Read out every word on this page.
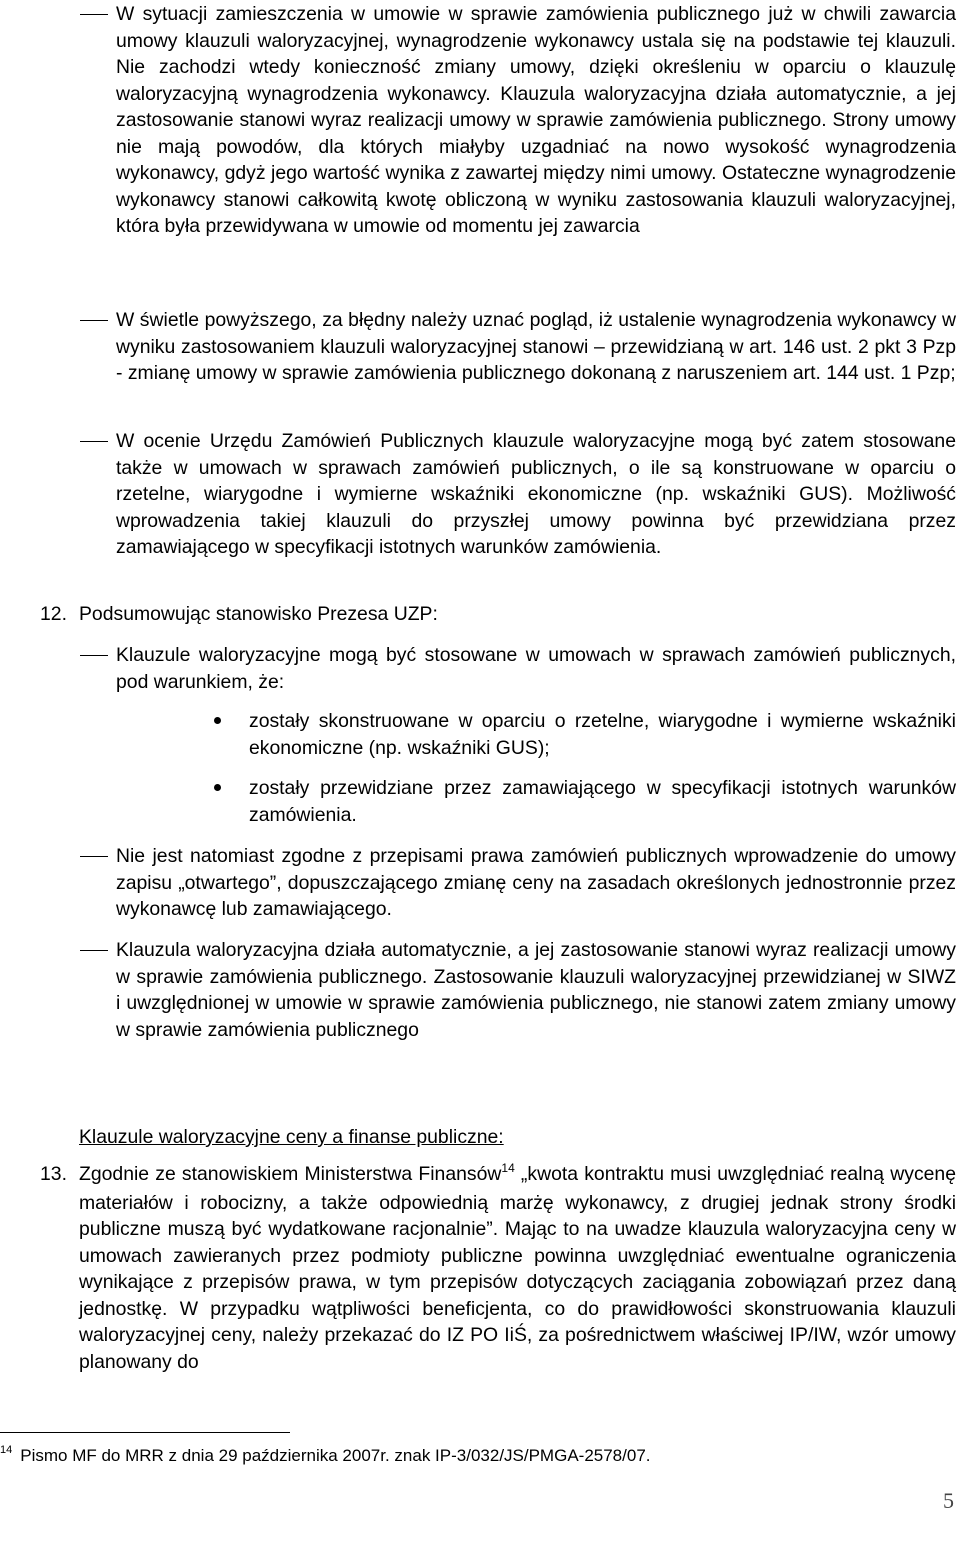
W sytuacji zamieszczenia w umowie w sprawie zamówienia publicznego już w chwili zawarcia umowy klauzuli waloryzacyjnej, wynagrodzenie wykonawcy ustala się na podstawie tej klauzuli. Nie zachodzi wtedy konieczność zmiany umowy, dzięki określeniu w oparciu o klauzulę waloryzacyjną wynagrodzenia wykonawcy. Klauzula waloryzacyjna działa automatycznie, a jej zastosowanie stanowi wyraz realizacji umowy w sprawie zamówienia publicznego. Strony umowy nie mają powodów, dla których miałyby uzgadniać na nowo wysokość wynagrodzenia wykonawcy, gdyż jego wartość wynika z zawartej między nimi umowy. Ostateczne wynagrodzenie wykonawcy stanowi całkowitą kwotę obliczoną w wyniku zastosowania klauzuli waloryzacyjnej, która była przewidywana w umowie od momentu jej zawarcia
W świetle powyższego, za błędny należy uznać pogląd, iż ustalenie wynagrodzenia wykonawcy w wyniku zastosowaniem klauzuli waloryzacyjnej stanowi – przewidzianą w art. 146 ust. 2 pkt 3 Pzp - zmianę umowy w sprawie zamówienia publicznego dokonaną z naruszeniem art. 144 ust. 1 Pzp;
W ocenie Urzędu Zamówień Publicznych klauzule waloryzacyjne mogą być zatem stosowane także w umowach w sprawach zamówień publicznych, o ile są konstruowane w oparciu o rzetelne, wiarygodne i wymierne wskaźniki ekonomiczne (np. wskaźniki GUS). Możliwość wprowadzenia takiej klauzuli do przyszłej umowy powinna być przewidziana przez zamawiającego w specyfikacji istotnych warunków zamówienia.
12. Podsumowując stanowisko Prezesa UZP:
Klauzule waloryzacyjne mogą być stosowane w umowach w sprawach zamówień publicznych, pod warunkiem, że:
zostały skonstruowane w oparciu o rzetelne, wiarygodne i wymierne wskaźniki ekonomiczne (np. wskaźniki GUS);
zostały przewidziane przez zamawiającego w specyfikacji istotnych warunków zamówienia.
Nie jest natomiast zgodne z przepisami prawa zamówień publicznych wprowadzenie do umowy zapisu „otwartego”, dopuszczającego zmianę ceny na zasadach określonych jednostronnie przez wykonawcę lub zamawiającego.
Klauzula waloryzacyjna działa automatycznie, a jej zastosowanie stanowi wyraz realizacji umowy w sprawie zamówienia publicznego. Zastosowanie klauzuli waloryzacyjnej przewidzianej w SIWZ i uwzględnionej w umowie w sprawie zamówienia publicznego, nie stanowi zatem zmiany umowy w sprawie zamówienia publicznego
Klauzule waloryzacyjne ceny a finanse publiczne:
13. Zgodnie ze stanowiskiem Ministerstwa Finansów$^{14}$ „kwota kontraktu musi uwzględniać realną wycenę materiałów i robocizny, a także odpowiednią marżę wykonawcy, z drugiej jednak strony środki publiczne muszą być wydatkowane racjonalnie”. Mając to na uwadze klauzula waloryzacyjna ceny w umowach zawieranych przez podmioty publiczne powinna uwzględniać ewentualne ograniczenia wynikające z przepisów prawa, w tym przepisów dotyczących zaciągania zobowiązań przez daną jednostkę. W przypadku wątpliwości beneficjenta, co do prawidłowości skonstruowania klauzuli waloryzacyjnej ceny, należy przekazać do IZ PO IiŚ, za pośrednictwem właściwej IP/IW, wzór umowy planowany do
$^{14}$ Pismo MF do MRR z dnia 29 października 2007r. znak IP-3/032/JS/PMGA-2578/07.
5
